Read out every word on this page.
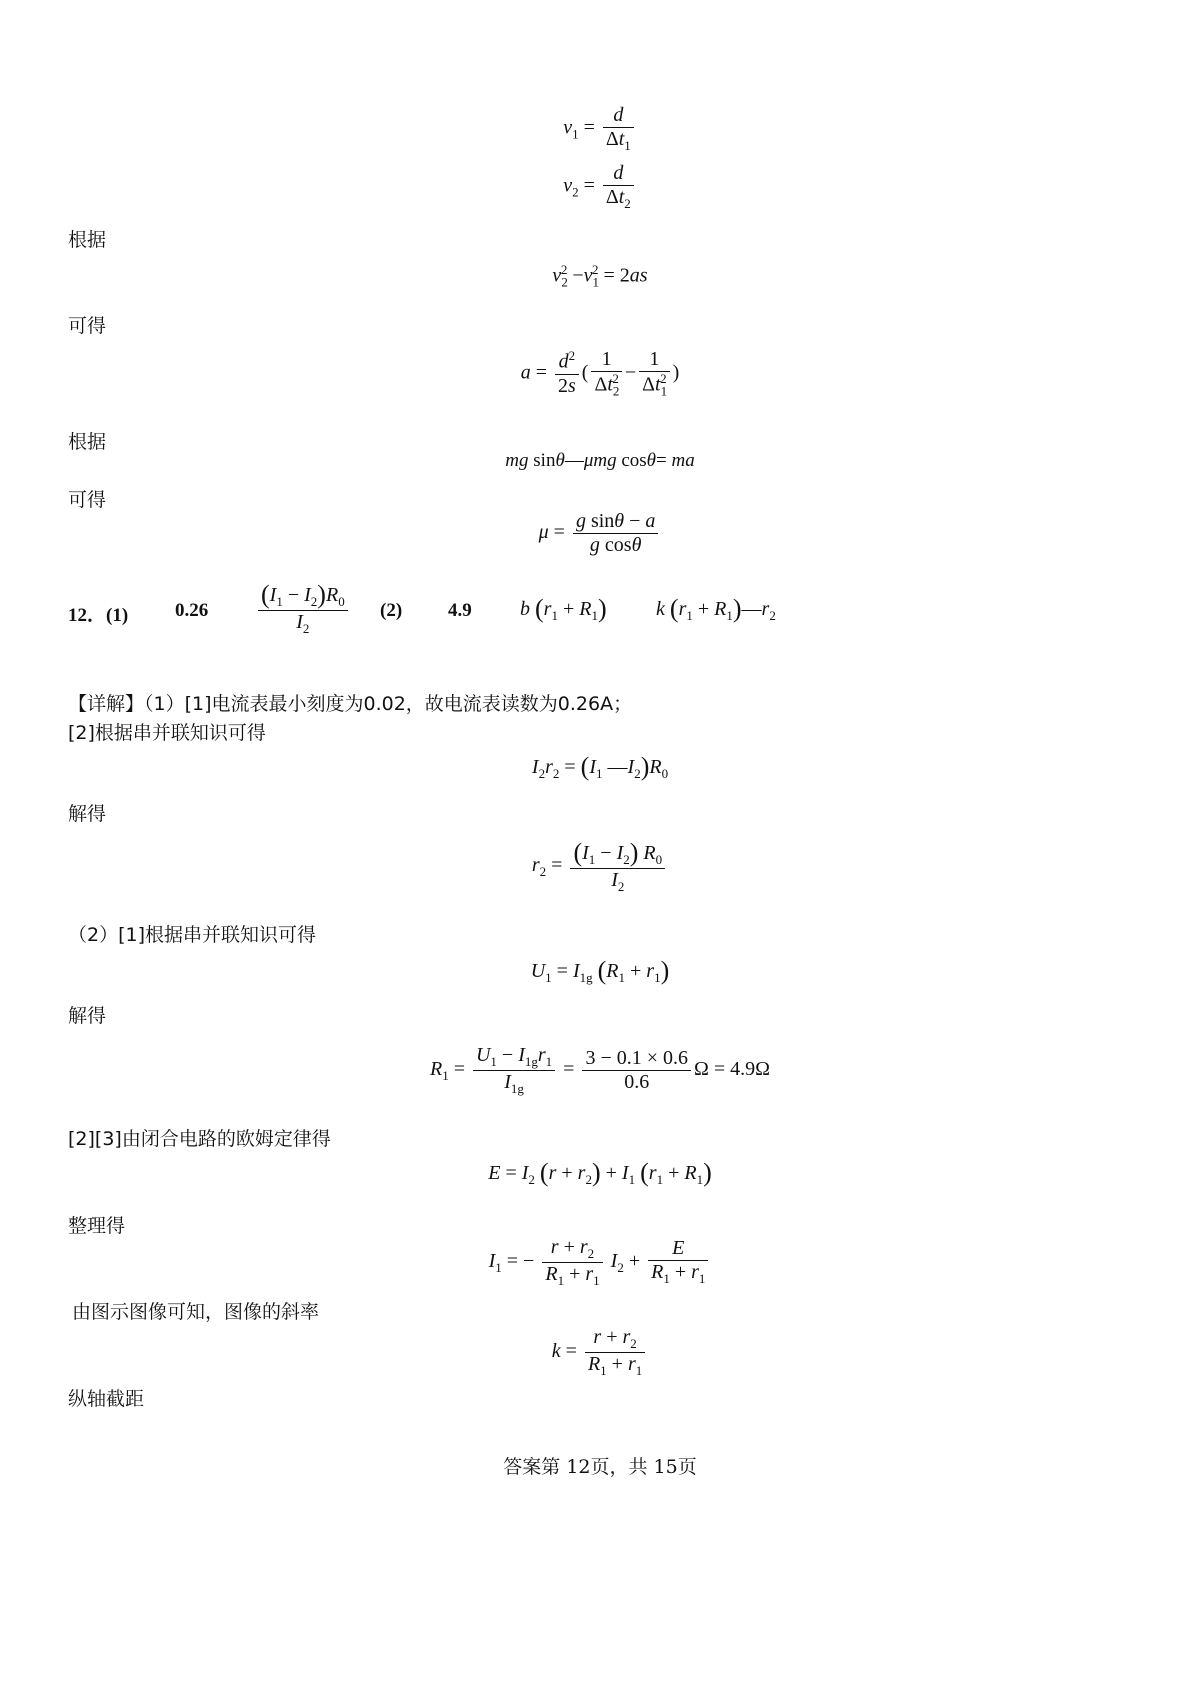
$v_1 = \frac{d}{\Delta t_1}$
$v_2 = \frac{d}{\Delta t_2}$
根据
$v_2^2 -v_1^2 = 2as$
可得
$a = \frac{d^2}{2s}$ ( $\frac{1}{\Delta t_2^2} - \frac{1}{\Delta t_1^2}$ )
根据
mg sinθ—μmg cosθ= ma
可得
$\mu = \frac{\text{g sinθ − a}}{\text{g cosθ}}$
12．(1) $0.26 \frac{(I_1 - I_2)R_0}{I_2} (2)$ 4.9 b $(r_1 + R_1)$ k ($r_1$ + $R_1)—r_2$
【详解】（1）[1]电流表最小刻度为0.02，故电流表读数为0.26A；
[2]根据串并联知识可得
$I_2r_2 = (I_1$ $—I_2)R_0$
解得
$r_2 = \frac{(I_1 - I_2) R_0}{I_2}$
（2）[1]根据串并联知识可得
$U_1 = I_{1g}$ $(R_1 + r_1)$
解得
$R_1 = \frac{U_1 - I_{1g}r_1}{I_{1g}} = \frac{3 - 0.1 \times 0.6}{0.6}$ Ω = 4.9Ω
[2][3]由闭合电路的欧姆定律得
$E = I_2$ $(r + r_2) + I_1$ $(r_1 + R_1)$
整理得
$I_1$ = − $\frac{r + r_2}{R_1 + r_1} I_2 + \frac{E}{R_1 + r_1}$
由图示图像可知，图像的斜率
$k = \frac{r + r_2}{R_1 + r_1}$
纵轴截距
答案第 12页，共 15页
